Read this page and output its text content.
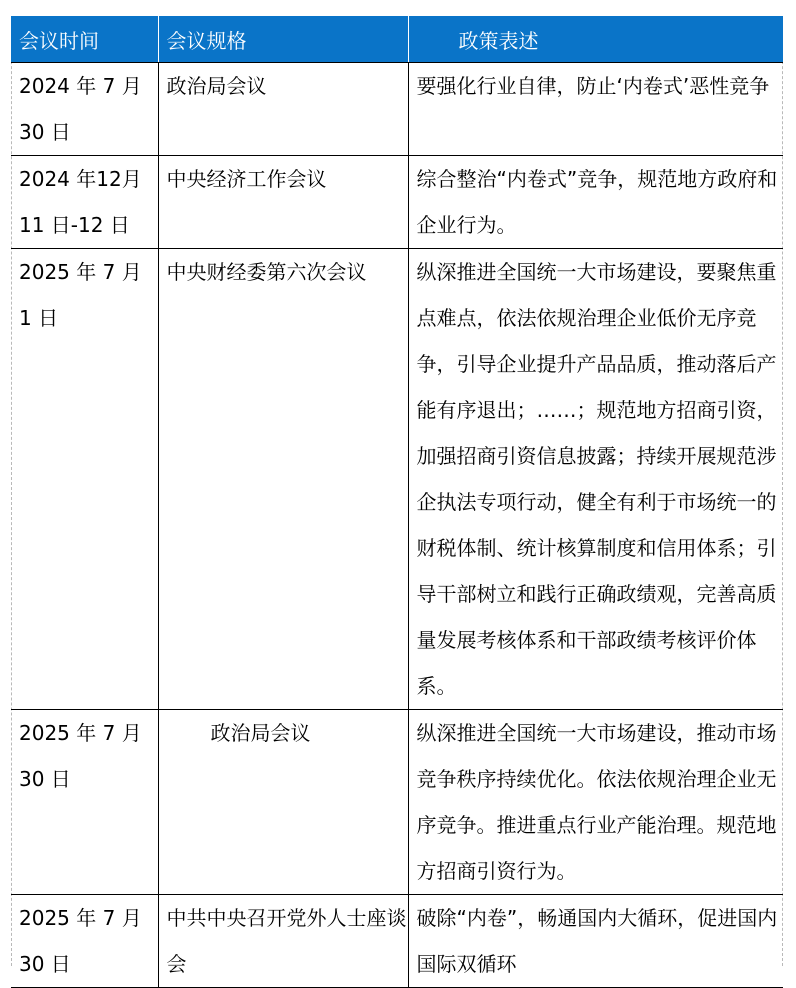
会议时间	会议规格	政策表述
2024 年 7 月 30 日	政治局会议	要强化行业自律，防止‘内卷式’恶性竞争
2024 年12月 11 日-12 日	中央经济工作会议	综合整治“内卷式”竞争，规范地方政府和企业行为。
2025 年 7 月 1 日	中央财经委第六次会议	纵深推进全国统一大市场建设，要聚焦重点难点，依法依规治理企业低价无序竞争，引导企业提升产品品质，推动落后产能有序退出；……；规范地方招商引资，加强招商引资信息披露；持续开展规范涉企执法专项行动，健全有利于市场统一的财税体制、统计核算制度和信用体系；引导干部树立和践行正确政绩观，完善高质量发展考核体系和干部政绩考核评价体系。
2025 年 7 月 30 日	政治局会议	纵深推进全国统一大市场建设，推动市场竞争秩序持续优化。依法依规治理企业无序竞争。推进重点行业产能治理。规范地方招商引资行为。
2025 年 7 月 30 日	中共中央召开党外人士座谈会	破除“内卷”，畅通国内大循环，促进国内国际双循环
